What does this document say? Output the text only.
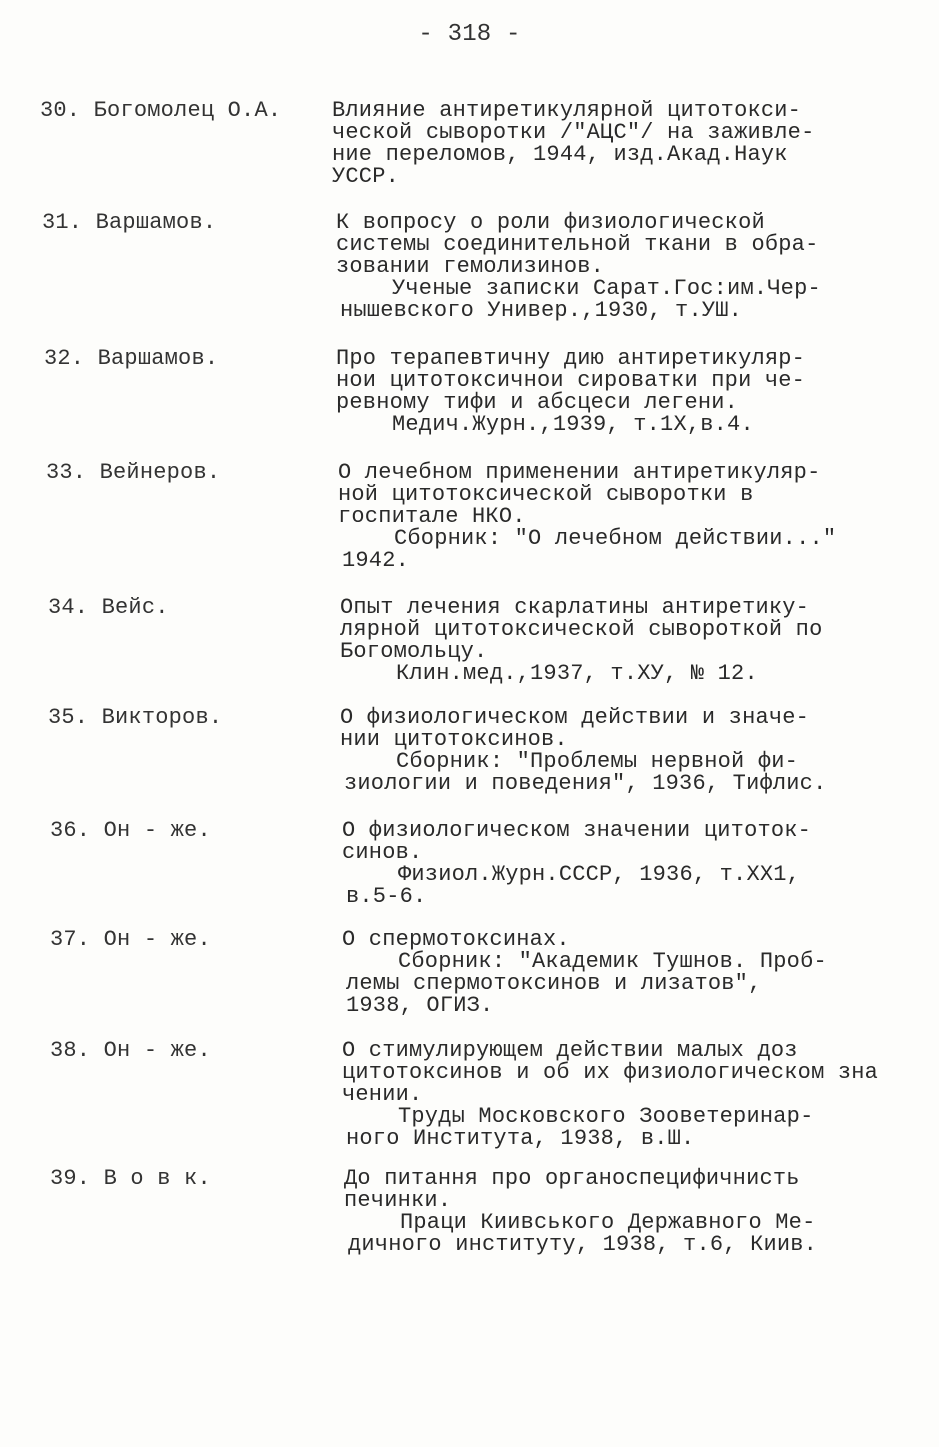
- 318 -
30. Богомолец О.А. Влияние антиретикулярной цитотокси-
ческой сыворотки /"АЦС"/ на заживле-
ние переломов, 1944, изд.Акад.Наук
УССР.
31. Варшамов.	К вопросу о роли физиологической
системы соединительной ткани в обра-
зовании гемолизинов.
Ученые записки Сарат.Гос:им.Чер-
нышевского Универ.,1930, т.УШ.
32. Варшамов.	Про терапевтичну дию антиретикуляр-
нои цитотоксичнои сироватки при че-
ревному тифи и абсцеси легени.
Медич.Журн.,1939, т.1Х,в.4.
33. Вейнеров.	О лечебном применении антиретикуляр-
ной цитотоксической сыворотки в
госпитале НКО.
Сборник: "О лечебном действии..."
1942.
34. Вейс.	Опыт лечения скарлатины антиретику-
лярной цитотоксической сывороткой по
Богомольцу.
Клин.мед.,1937, т.ХУ, № 12.
35. Викторов.	О физиологическом действии и значе-
нии цитотоксинов.
Сборник: "Проблемы нервной фи-
зиологии и поведения", 1936, Тифлис.
36. Он - же.	О физиологическом значении цитоток-
синов.
Физиол.Журн.СССР, 1936, т.ХХ1,
в.5-6.
37. Он - же.	О спермотоксинах.
Сборник: "Академик Тушнов. Проб-
лемы спермотоксинов и лизатов",
1938, ОГИЗ.
38. Он - же.	О стимулирующем действии малых доз
цитотоксинов и об их физиологическом зна
чении.
Труды Московского Зооветеринар-
ного Института, 1938, в.Ш.
39. В о в к.	До питання про органоспецифичнисть
печинки.
Праци Киивського Державного Ме-
дичного институту, 1938, т.6, Киив.
